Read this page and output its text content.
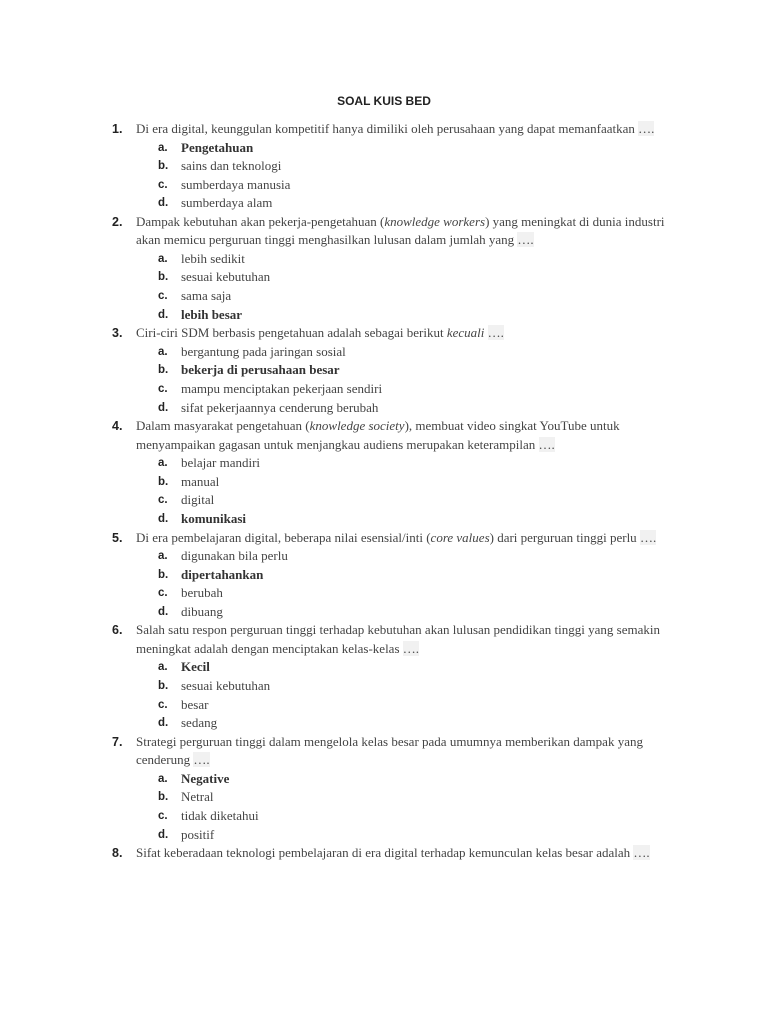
SOAL KUIS BED
1. Di era digital, keunggulan kompetitif hanya dimiliki oleh perusahaan yang dapat memanfaatkan ….
a. Pengetahuan
b. sains dan teknologi
c. sumberdaya manusia
d. sumberdaya alam
2. Dampak kebutuhan akan pekerja-pengetahuan (knowledge workers) yang meningkat di dunia industri akan memicu perguruan tinggi menghasilkan lulusan dalam jumlah yang ….
a. lebih sedikit
b. sesuai kebutuhan
c. sama saja
d. lebih besar
3. Ciri-ciri SDM berbasis pengetahuan adalah sebagai berikut kecuali ….
a. bergantung pada jaringan sosial
b. bekerja di perusahaan besar
c. mampu menciptakan pekerjaan sendiri
d. sifat pekerjaannya cenderung berubah
4. Dalam masyarakat pengetahuan (knowledge society), membuat video singkat YouTube untuk menyampaikan gagasan untuk menjangkau audiens merupakan keterampilan ….
a. belajar mandiri
b. manual
c. digital
d. komunikasi
5. Di era pembelajaran digital, beberapa nilai esensial/inti (core values) dari perguruan tinggi perlu ….
a. digunakan bila perlu
b. dipertahankan
c. berubah
d. dibuang
6. Salah satu respon perguruan tinggi terhadap kebutuhan akan lulusan pendidikan tinggi yang semakin meningkat adalah dengan menciptakan kelas-kelas ….
a. Kecil
b. sesuai kebutuhan
c. besar
d. sedang
7. Strategi perguruan tinggi dalam mengelola kelas besar pada umumnya memberikan dampak yang cenderung ….
a. Negative
b. Netral
c. tidak diketahui
d. positif
8. Sifat keberadaan teknologi pembelajaran di era digital terhadap kemunculan kelas besar adalah ….
